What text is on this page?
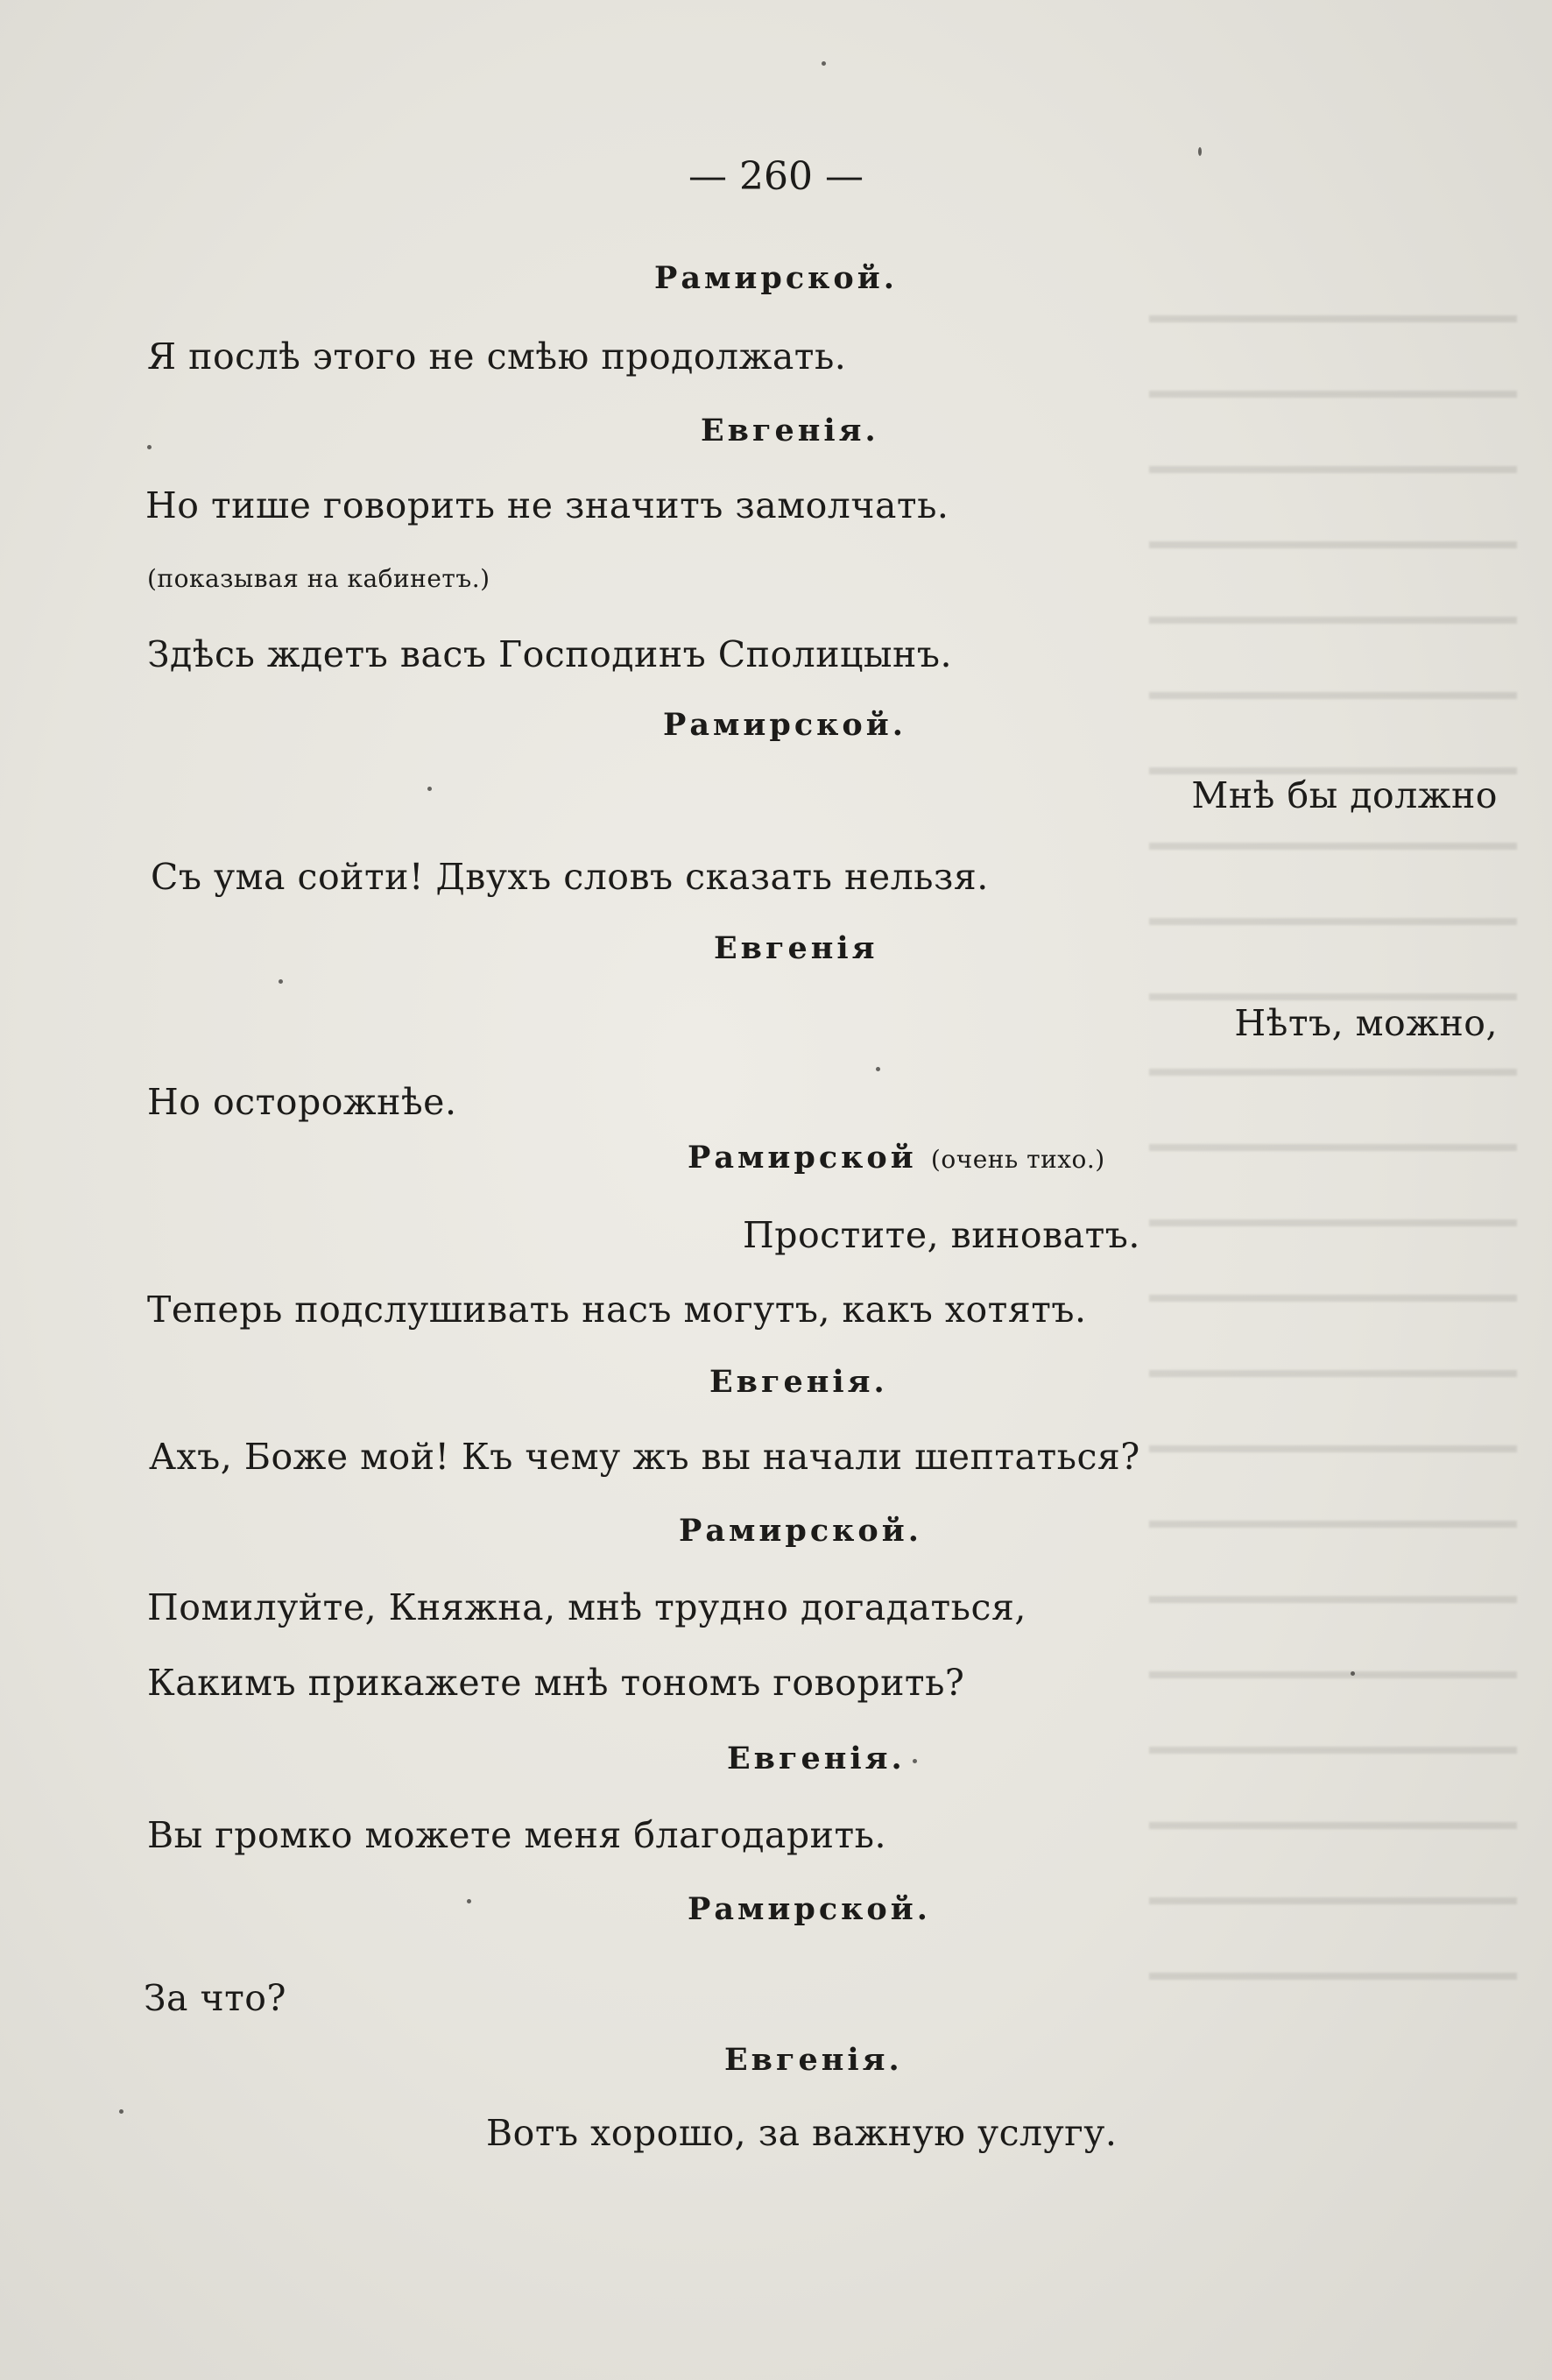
— 260 —
Рамирской.
Я послѣ этого не смѣю продолжать.
Евгенія.
Но тише говорить не значитъ замолчать.
(показывая на кабинетъ.)
Здѣсь ждетъ васъ Господинъ Сполицынъ.
Рамирской.
Мнѣ бы должно
Съ ума сойти! Двухъ словъ сказать нельзя.
Евгенія
Нѣтъ, можно,
Но осторожнѣе.
Рамирской (очень тихо.)
Простите, виноватъ.
Теперь подслушивать насъ могутъ, какъ хотятъ.
Евгенія.
Ахъ, Боже мой! Къ чему жъ вы начали шептаться?
Рамирской.
Помилуйте, Княжна, мнѣ трудно догадаться,
Какимъ прикажете мнѣ тономъ говорить?
Евгенія.
Вы громко можете меня благодарить.
Рамирской.
За что?
Евгенія.
Вотъ хорошо, за важную услугу.
